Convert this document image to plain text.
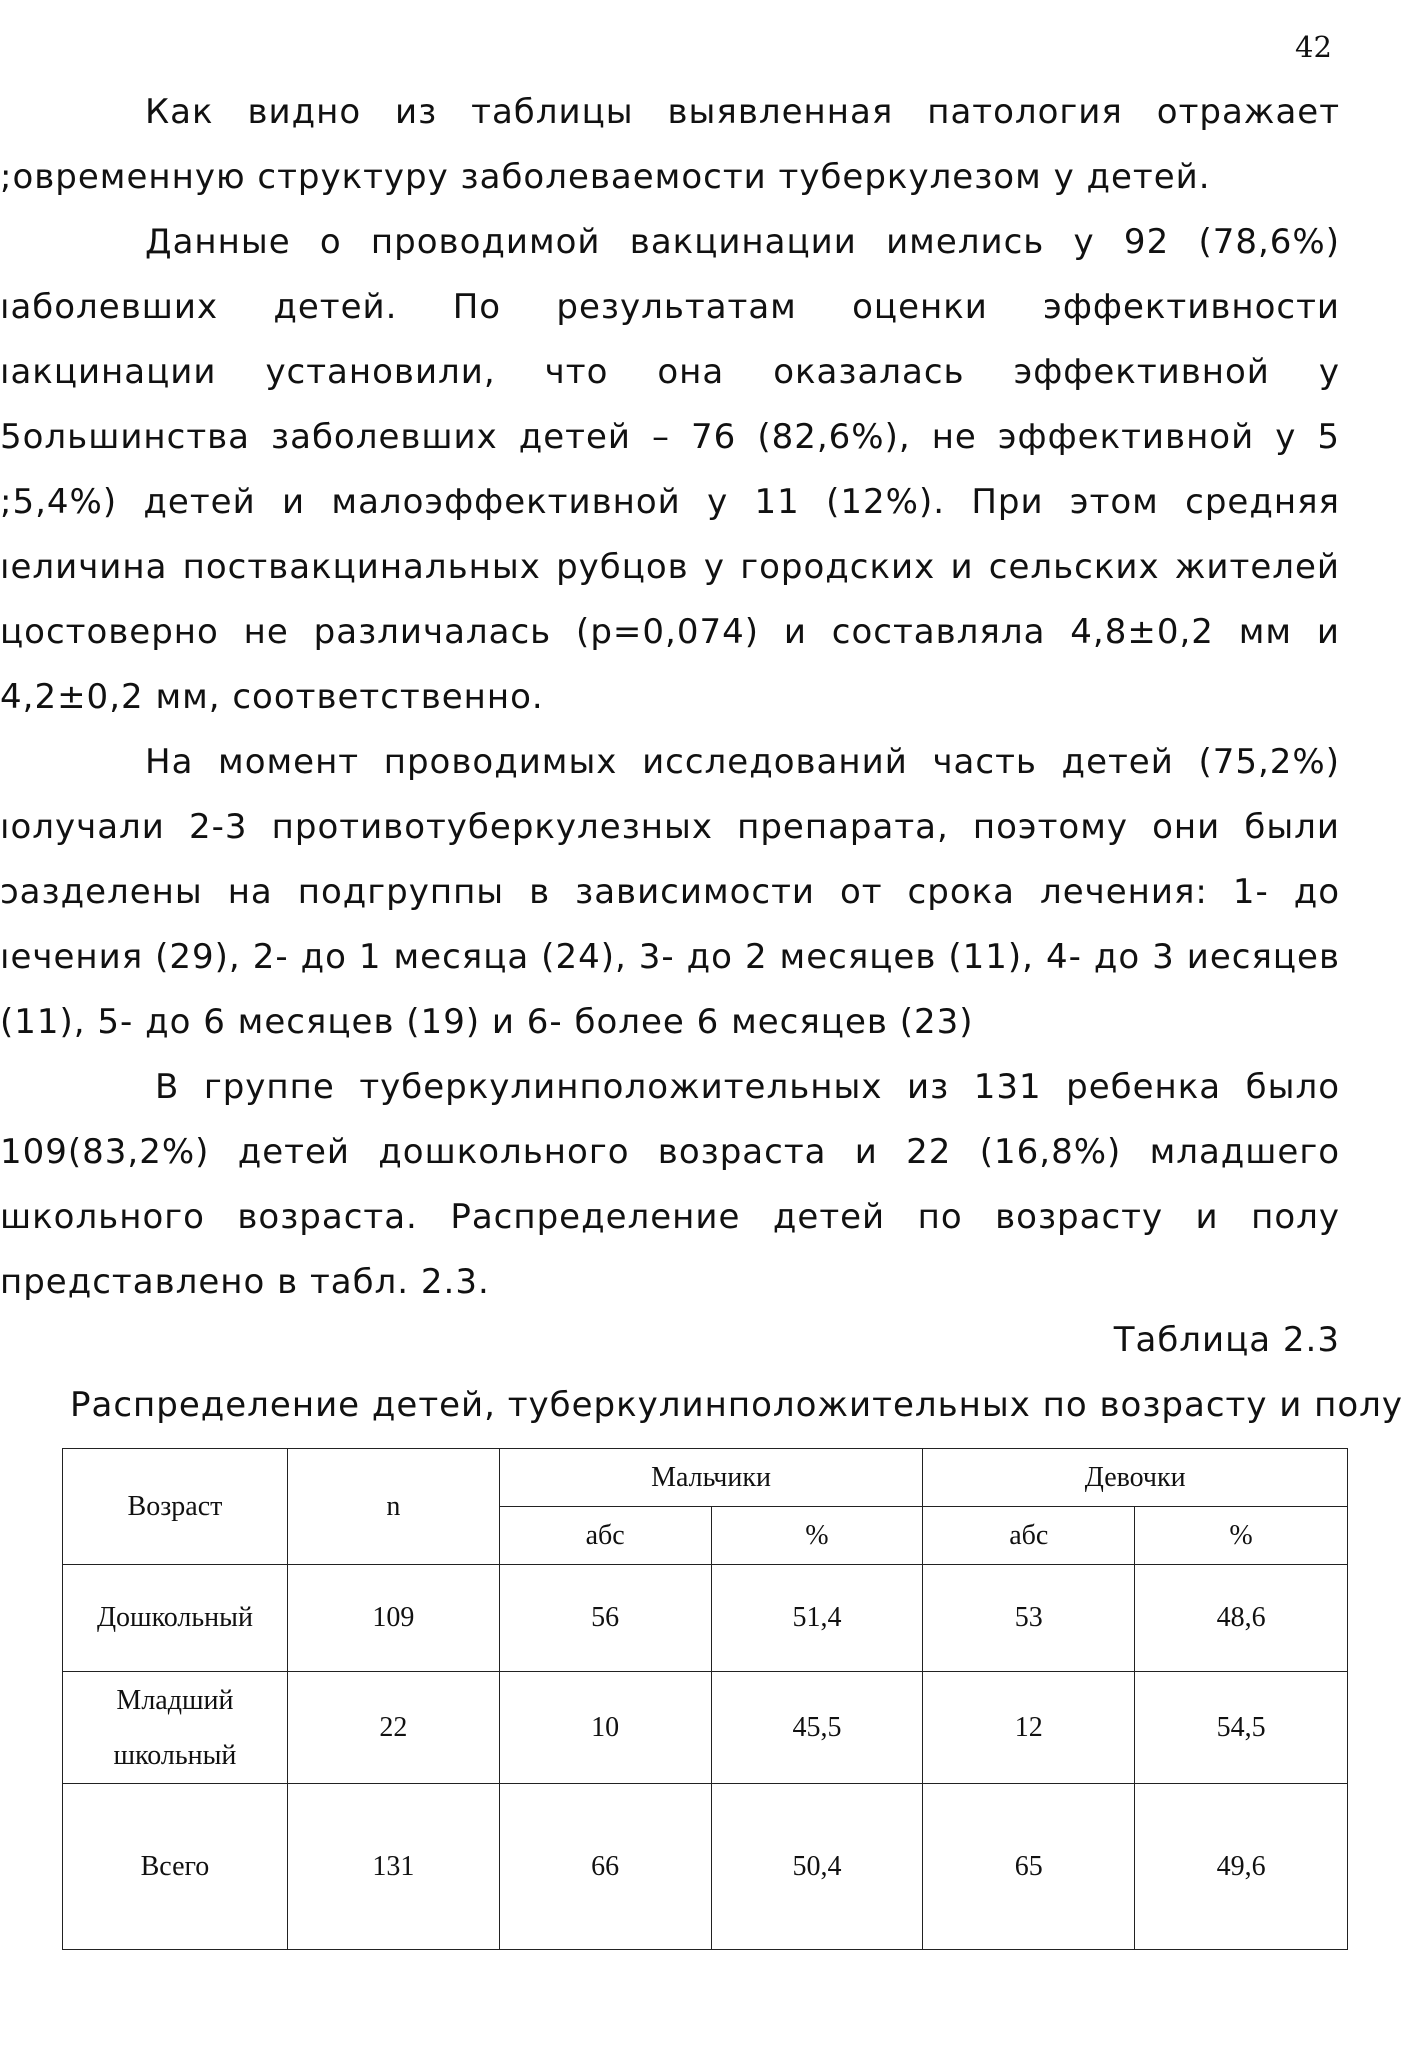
42

Как видно из таблицы выявленная патология отражает ;овременную структуру заболеваемости туберкулезом у детей.

Данные о проводимой вакцинации имелись у 92 (78,6%) ıаболевших детей. По результатам оценки эффективности ıакцинации установили, что она оказалась эффективной у 5ольшинства заболевших детей – 76 (82,6%), не эффективной у 5 ;5,4%) детей и малоэффективной у 11 (12%). При этом средняя ıеличина поствакцинальных рубцов у городских и сельских жителей цостоверно не различалась (р=0,074) и составляла 4,8±0,2 мм и 4,2±0,2 мм, соответственно.

На момент проводимых исследований часть детей (75,2%) ıолучали 2-3 противотуберкулезных препарата, поэтому они были ɔазделены на подгруппы в зависимости от срока лечения: 1- до ıечения (29), 2- до 1 месяца (24), 3- до 2 месяцев (11), 4- до 3 иесяцев (11), 5- до 6 месяцев (19) и 6- более 6 месяцев (23)

В группе туберкулинположительных из 131 ребенка было 109(83,2%) детей дошкольного возраста и 22 (16,8%) младшего школьного возраста. Распределение детей по возрасту и полу представлено в табл. 2.3.

Таблица 2.3
Распределение детей, туберкулинположительных по возрасту и полу
Возраст	n	Мальчики		Девочки	
		абс	%	абс	%
Дошкольный	109	56	51,4	53	48,6
Младший
школьный	22	10	45,5	12	54,5
Всего	131	66	50,4	65	49,6
